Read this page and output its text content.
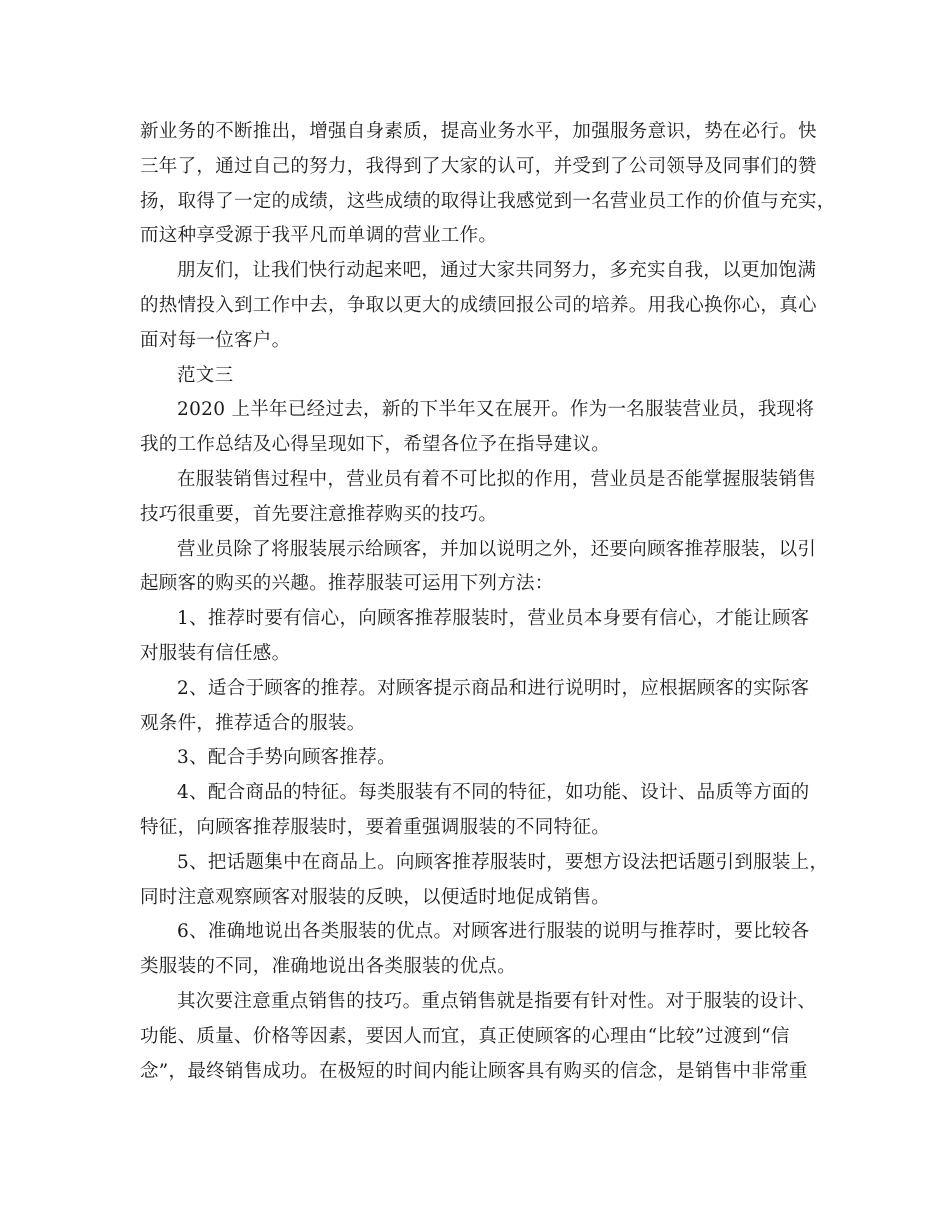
新业务的不断推出，增强自身素质，提高业务水平，加强服务意识，势在必行。快
三年了，通过自己的努力，我得到了大家的认可，并受到了公司领导及同事们的赞
扬，取得了一定的成绩，这些成绩的取得让我感觉到一名营业员工作的价值与充实，
而这种享受源于我平凡而单调的营业工作。
朋友们，让我们快行动起来吧，通过大家共同努力，多充实自我，以更加饱满
的热情投入到工作中去，争取以更大的成绩回报公司的培养。用我心换你心，真心
面对每一位客户。
范文三
2020 上半年已经过去，新的下半年又在展开。作为一名服装营业员，我现将
我的工作总结及心得呈现如下，希望各位予在指导建议。
在服装销售过程中，营业员有着不可比拟的作用，营业员是否能掌握服装销售
技巧很重要，首先要注意推荐购买的技巧。
营业员除了将服装展示给顾客，并加以说明之外，还要向顾客推荐服装，以引
起顾客的购买的兴趣。推荐服装可运用下列方法：
1、推荐时要有信心，向顾客推荐服装时，营业员本身要有信心，才能让顾客
对服装有信任感。
2、适合于顾客的推荐。对顾客提示商品和进行说明时，应根据顾客的实际客
观条件，推荐适合的服装。
3、配合手势向顾客推荐。
4、配合商品的特征。每类服装有不同的特征，如功能、设计、品质等方面的
特征，向顾客推荐服装时，要着重强调服装的不同特征。
5、把话题集中在商品上。向顾客推荐服装时，要想方设法把话题引到服装上，
同时注意观察顾客对服装的反映，以便适时地促成销售。
6、准确地说出各类服装的优点。对顾客进行服装的说明与推荐时，要比较各
类服装的不同，准确地说出各类服装的优点。
其次要注意重点销售的技巧。重点销售就是指要有针对性。对于服装的设计、
功能、质量、价格等因素，要因人而宜，真正使顾客的心理由“比较”过渡到“信
念”，最终销售成功。在极短的时间内能让顾客具有购买的信念，是销售中非常重
